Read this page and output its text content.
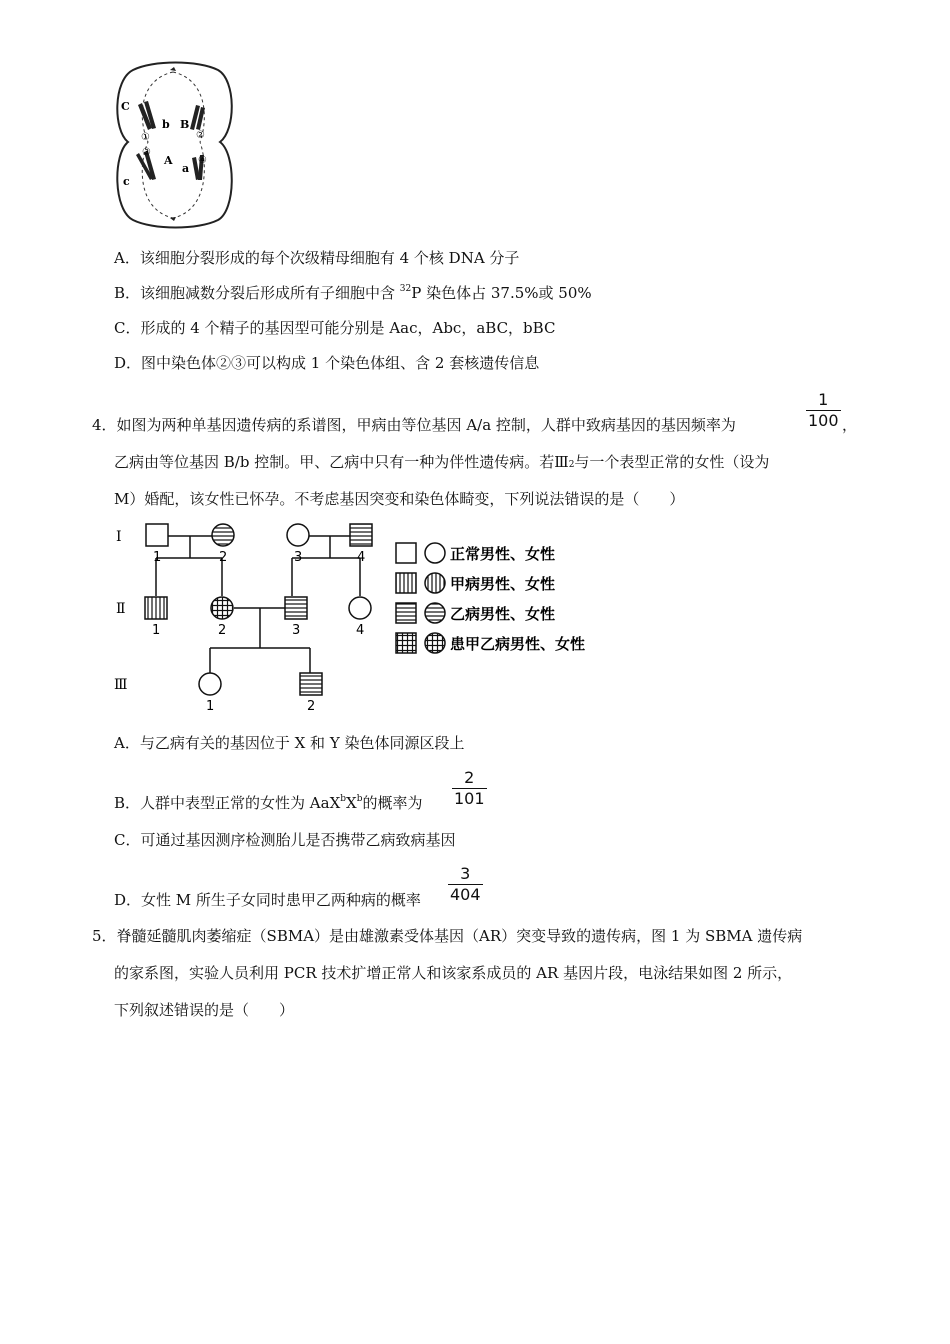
C
b B
①	②
③
c
A
a
④
A．该细胞分裂形成的每个次级精母细胞有 4 个核 DNA 分子
B．该细胞减数分裂后形成所有子细胞中含 $^{32}$P 染色体占 37.5%或 50%
C．形成的 4 个精子的基因型可能分别是 Aac，Abc，aBC，bBC
D．图中染色体②③可以构成 1 个染色体组、含 2 套核遗传信息
4．如图为两种单基因遗传病的系谱图，甲病由等位基因 A/a 控制，人群中致病基因的基因频率为
1
100 ，
乙病由等位基因 B/b 控制。甲、乙病中只有一种为伴性遗传病。若$Ⅲ_2$与一个表型正常的女性（设为
M）婚配，该女性已怀孕。不考虑基因突变和染色体畸变，下列说法错误的是（　　）
Ⅰ
Ⅱ
Ⅲ
1	2	3	4
1	2	3	4
1	2
正常男性、女性
甲病男性、女性
乙病男性、女性
患甲乙病男性、女性
A．与乙病有关的基因位于 X 和 Y 染色体同源区段上
B．人群中表型正常的女性为 $AaX^bX^b$的概率为
2
101
C．可通过基因测序检测胎儿是否携带乙病致病基因
D．女性 M 所生子女同时患甲乙两种病的概率
3
404
5．脊髓延髓肌肉萎缩症（SBMA）是由雄激素受体基因（AR）突变导致的遗传病，图 1 为 SBMA 遗传病
的家系图，实验人员利用 PCR 技术扩增正常人和该家系成员的 AR 基因片段，电泳结果如图 2 所示，
下列叙述错误的是（　　）
